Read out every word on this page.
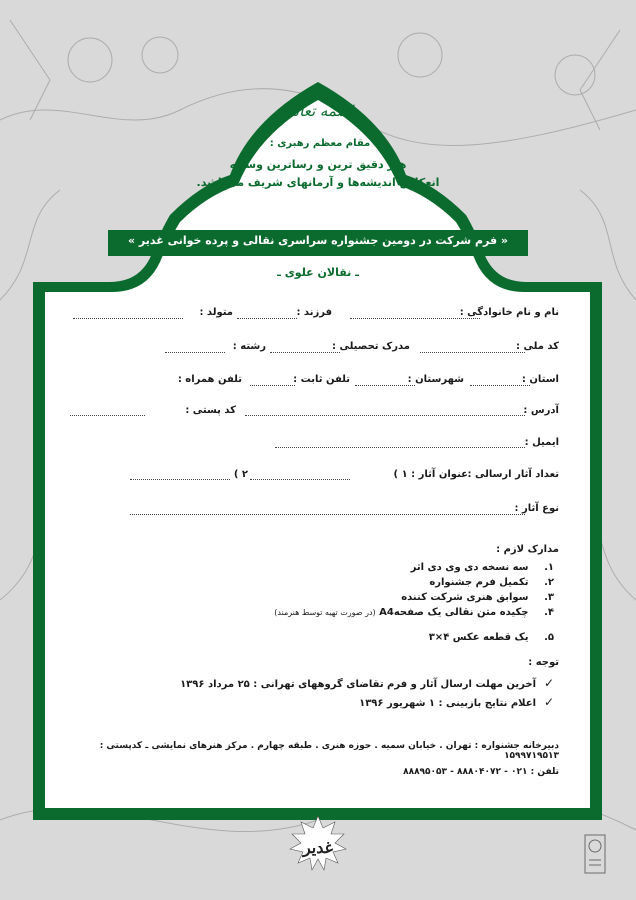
باسمه تعالی
مقام معظم رهبری :
هنر دقیق ترین و رساترین وسیله
انعکاس اندیشه‌ها و آرمانهای شریف می‌باشد.
« فرم شرکت در دومین جشنواره سراسری نقالی و پرده خوانی غدیر »
ـ نقالان علوی ـ
نام و نام خانوادگی :
فرزند :
متولد :
کد ملی :
مدرک تحصیلی :
رشته :
استان :
شهرستان :
تلفن ثابت :
تلفن همراه :
آدرس :
کد پستی :
ایمیل :
تعداد آثار ارسالی :
عنوان آثار : ۱ )
۲ )
نوع آثار :
مدارک لازم :
۱. سه نسخه دی وی دی اثر
۲. تکمیل فرم جشنواره
۳. سوابق هنری شرکت کننده
۴. چکیده متن نقالی یک صفحهA4 (در صورت تهیه توسط هنرمند)
۵. یک قطعه عکس ۴×۳
توجه :
✓آخرین مهلت ارسال آثار و فرم تقاضای گروههای تهرانی : ۲۵ مرداد ۱۳۹۶
✓اعلام نتایج بازبینی : ۱ شهریور ۱۳۹۶
دبیرخانه جشنواره : تهران . خیابان سمیه . حوزه هنری . طبقه چهارم . مرکز هنرهای نمایشی ـ کدپستی : ۱۵۹۹۷۱۹۵۱۳
تلفن : ۰۲۱ - ۸۸۸۰۴۰۷۲ - ۸۸۸۹۵۰۵۳
غدیر
